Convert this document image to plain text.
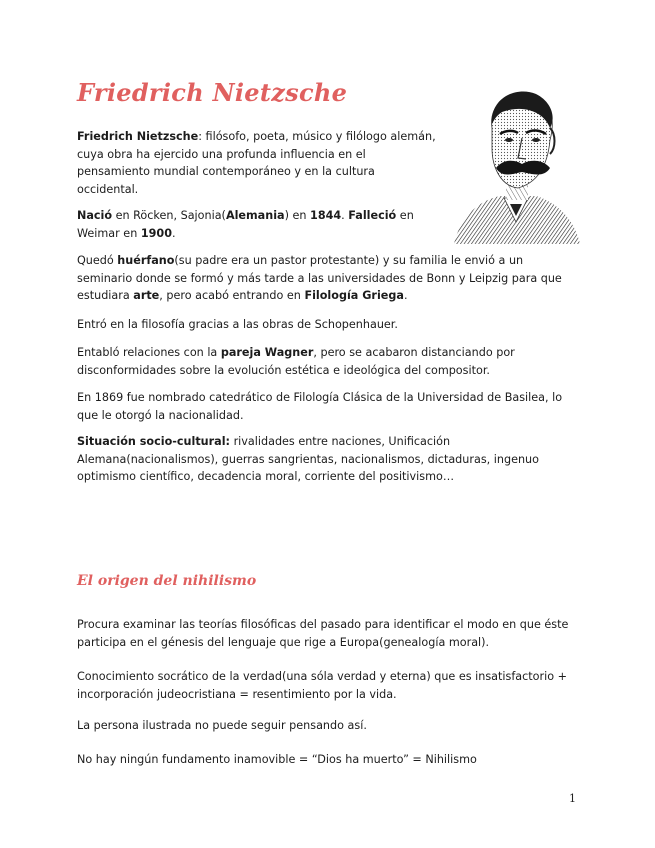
Friedrich Nietzsche

Friedrich Nietzsche: filósofo, poeta, músico y filólogo alemán, cuya obra ha ejercido una profunda influencia en el pensamiento mundial contemporáneo y en la cultura occidental.

Nació en Röcken, Sajonia(Alemania) en 1844. Falleció en Weimar en 1900.

Quedó huérfano(su padre era un pastor protestante) y su familia le envió a un seminario donde se formó y más tarde a las universidades de Bonn y Leipzig para que estudiara arte, pero acabó entrando en Filología Griega.

Entró en la filosofía gracias a las obras de Schopenhauer.

Entabló relaciones con la pareja Wagner, pero se acabaron distanciando por disconformidades sobre la evolución estética e ideológica del compositor.

En 1869 fue nombrado catedrático de Filología Clásica de la Universidad de Basilea, lo que le otorgó la nacionalidad.

Situación socio-cultural: rivalidades entre naciones, Unificación Alemana(nacionalismos), guerras sangrientas, nacionalismos, dictaduras, ingenuo optimismo científico, decadencia moral, corriente del positivismo…

El origen del nihilismo

Procura examinar las teorías filosóficas del pasado para identificar el modo en que éste participa en el génesis del lenguaje que rige a Europa(genealogía moral).

Conocimiento socrático de la verdad(una sóla verdad y eterna) que es insatisfactorio + incorporación judeocristiana = resentimiento por la vida.

La persona ilustrada no puede seguir pensando así.

No hay ningún fundamento inamovible = “Dios ha muerto” = Nihilismo

1
